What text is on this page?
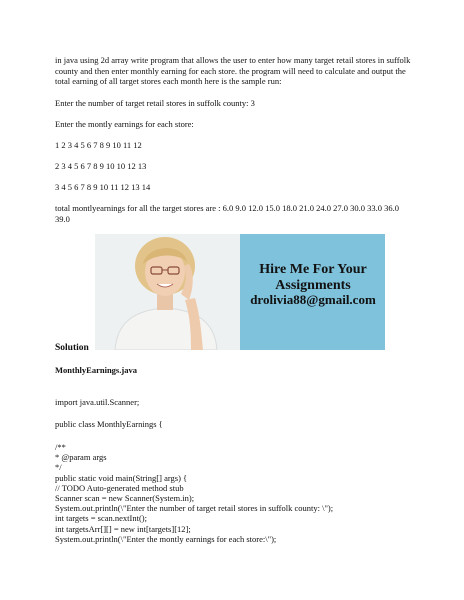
in java using 2d array write program that allows the user to enter how many target retail stores in suffolk county and then enter monthly earning for each store. the program will need to calculate and output the total earning of all target stores each month here is the sample run:

Enter the number of target retail stores in suffolk county: 3

Enter the montly earnings for each store:

1 2 3 4 5 6 7 8 9 10 11 12

2 3 4 5 6 7 8 9 10 10 12 13

3 4 5 6 7 8 9 10 11 12 13 14

total montlyearnings for all the target stores are : 6.0 9.0 12.0 15.0 18.0 21.0 24.0 27.0 30.0 33.0 36.0 39.0

Hire Me For Your
Assignments
drolivia88@gmail.com

Solution

MonthlyEarnings.java

import java.util.Scanner;

public class MonthlyEarnings {

/**
* @param args
*/
public static void main(String[] args) {
// TODO Auto-generated method stub
Scanner scan = new Scanner(System.in);
System.out.println(\"Enter the number of target retail stores in suffolk county: \");
int targets = scan.nextInt();
int targetsArr[][] = new int[targets][12];
System.out.println(\"Enter the montly earnings for each store:\");
